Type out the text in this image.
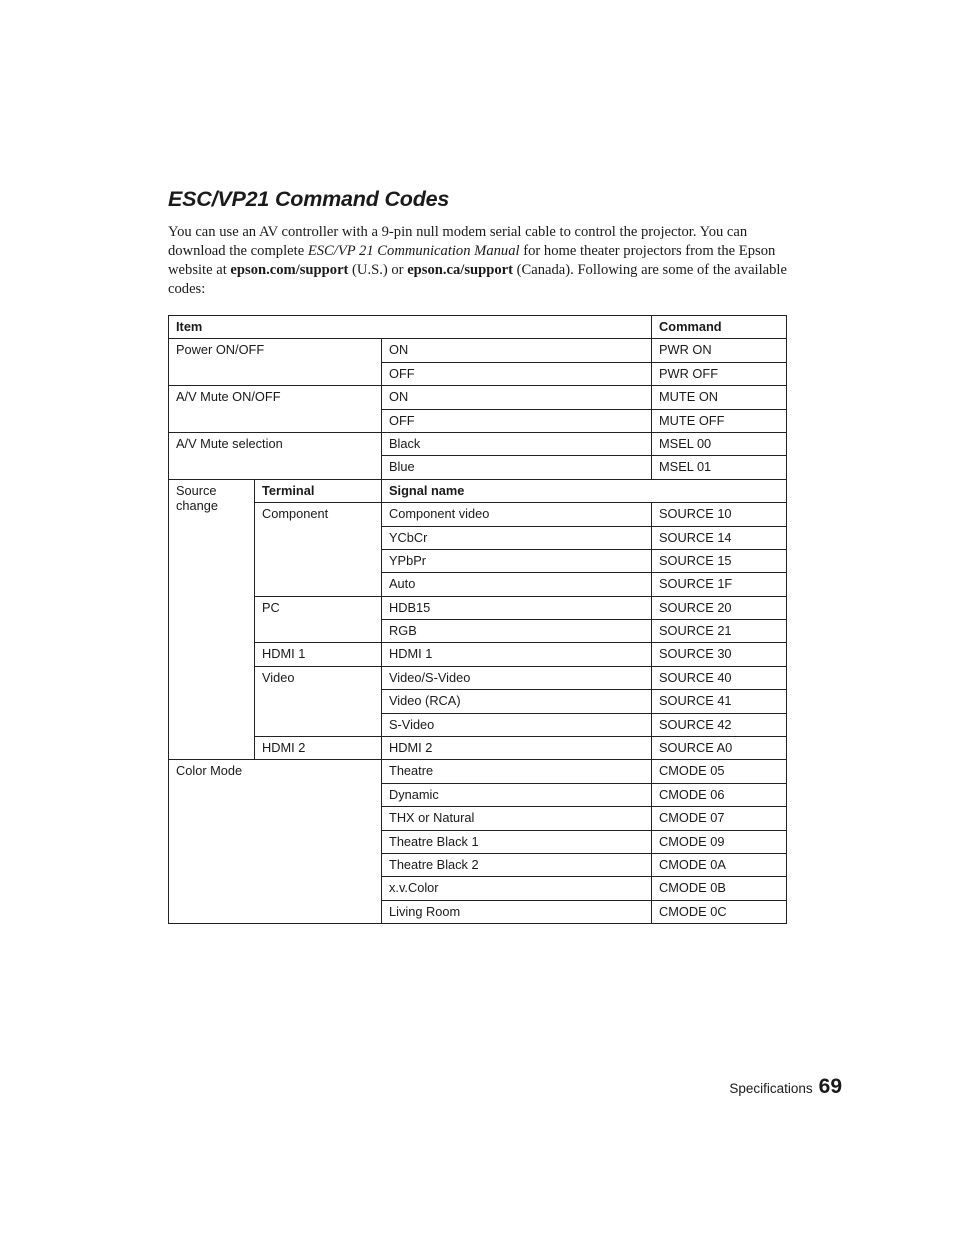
ESC/VP21 Command Codes

You can use an AV controller with a 9-pin null modem serial cable to control the projector. You can download the complete ESC/VP 21 Communication Manual for home theater projectors from the Epson website at epson.com/support (U.S.) or epson.ca/support (Canada). Following are some of the available codes:

Item			Command
Power ON/OFF		ON	PWR ON
		OFF	PWR OFF
A/V Mute ON/OFF		ON	MUTE ON
		OFF	MUTE OFF
A/V Mute selection		Black	MSEL 00
		Blue	MSEL 01
Source change	Terminal	Signal name	
	Component	Component video	SOURCE 10
		YCbCr	SOURCE 14
		YPbPr	SOURCE 15
		Auto	SOURCE 1F
	PC	HDB15	SOURCE 20
		RGB	SOURCE 21
	HDMI 1	HDMI 1	SOURCE 30
	Video	Video/S-Video	SOURCE 40
		Video (RCA)	SOURCE 41
		S-Video	SOURCE 42
	HDMI 2	HDMI 2	SOURCE A0
Color Mode		Theatre	CMODE 05
		Dynamic	CMODE 06
		THX or Natural	CMODE 07
		Theatre Black 1	CMODE 09
		Theatre Black 2	CMODE 0A
		x.v.Color	CMODE 0B
		Living Room	CMODE 0C
Specifications 69
